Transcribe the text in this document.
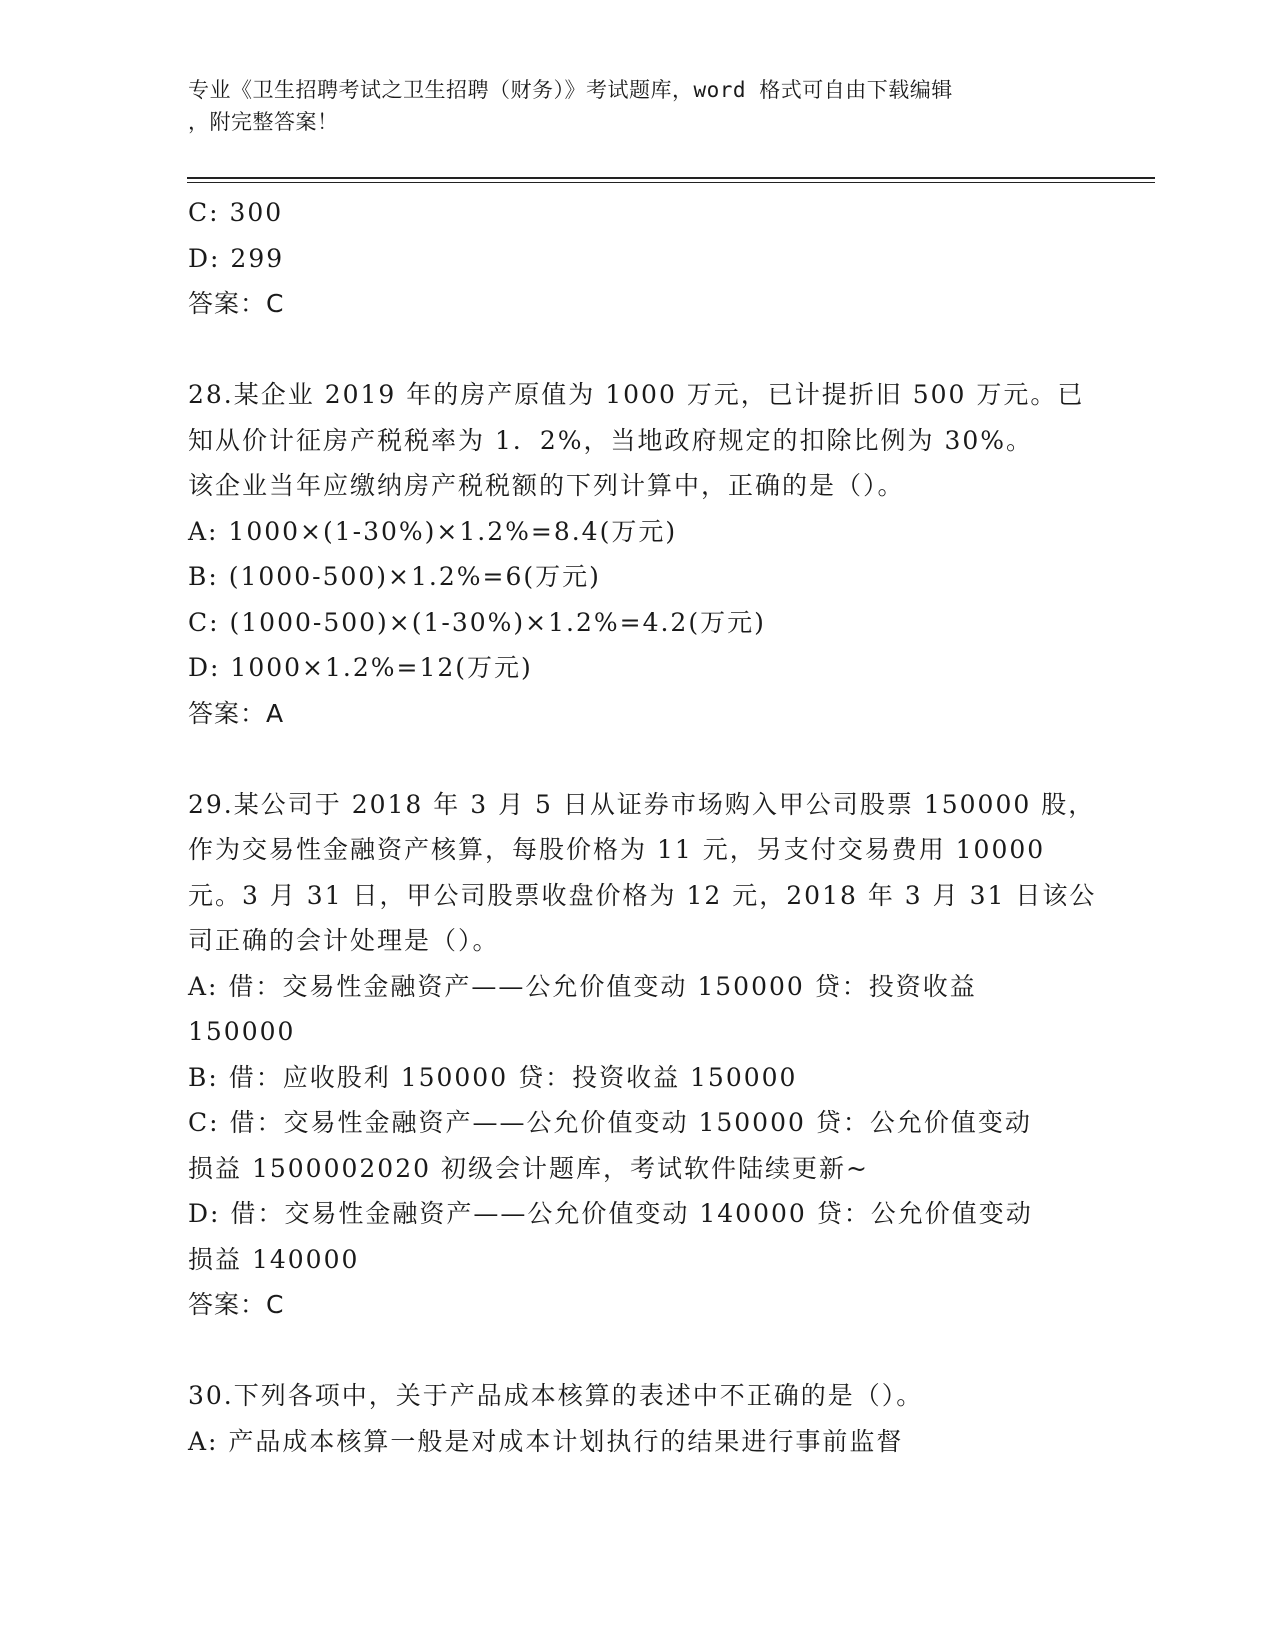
专业《卫生招聘考试之卫生招聘（财务）》考试题库，word 格式可自由下载编辑
，附完整答案！
C: 300
D: 299
答案：C
28.某企业 2019 年的房产原值为 1000 万元，已计提折旧 500 万元。已
知从价计征房产税税率为 1．2%，当地政府规定的扣除比例为 30%。
该企业当年应缴纳房产税税额的下列计算中，正确的是（）。
A: 1000×(1-30%)×1.2%=8.4(万元)
B: (1000-500)×1.2%=6(万元)
C: (1000-500)×(1-30%)×1.2%=4.2(万元)
D: 1000×1.2%=12(万元)
答案：A
29.某公司于 2018 年 3 月 5 日从证券市场购入甲公司股票 150000 股，
作为交易性金融资产核算，每股价格为 11 元，另支付交易费用 10000
元。3 月 31 日，甲公司股票收盘价格为 12 元，2018 年 3 月 31 日该公
司正确的会计处理是（）。
A: 借：交易性金融资产——公允价值变动 150000 贷：投资收益
150000
B: 借：应收股利 150000 贷：投资收益 150000
C: 借：交易性金融资产——公允价值变动 150000 贷：公允价值变动
损益 1500002020 初级会计题库，考试软件陆续更新~
D: 借：交易性金融资产——公允价值变动 140000 贷：公允价值变动
损益 140000
答案：C
30.下列各项中，关于产品成本核算的表述中不正确的是（）。
A: 产品成本核算一般是对成本计划执行的结果进行事前监督
